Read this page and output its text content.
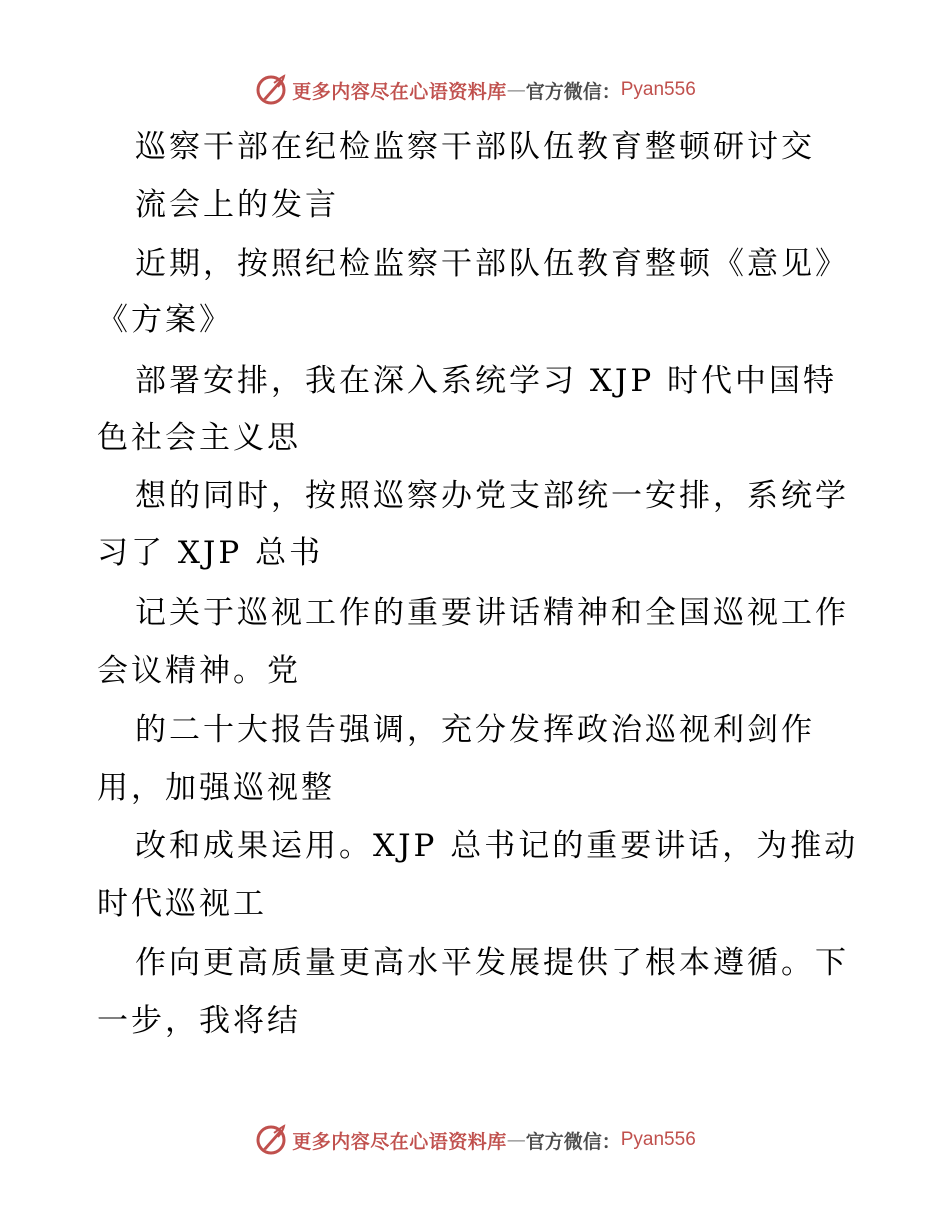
更多内容尽在心语资料库 — 官方微信： Pyan556
巡察干部在纪检监察干部队伍教育整顿研讨交
流会上的发言
近期，按照纪检监察干部队伍教育整顿《意见》
《方案》
部署安排，我在深入系统学习 XJP 时代中国特
色社会主义思
想的同时，按照巡察办党支部统一安排，系统学
习了 XJP 总书
记关于巡视工作的重要讲话精神和全国巡视工作
会议精神。党
的二十大报告强调，充分发挥政治巡视利剑作
用，加强巡视整
改和成果运用。XJP 总书记的重要讲话，为推动
时代巡视工
作向更高质量更高水平发展提供了根本遵循。下
一步，我将结
更多内容尽在心语资料库 — 官方微信： Pyan556
